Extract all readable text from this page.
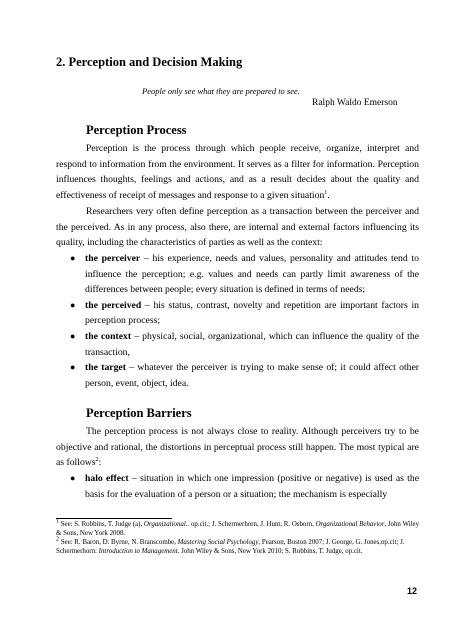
2. Perception and Decision Making
People only see what they are prepared to see.
Ralph Waldo Emerson
Perception Process

Perception is the process through which people receive, organize, interpret and respond to information from the environment. It serves as a filter for information. Perception influences thoughts, feelings and actions, and as a result decides about the quality and effectiveness of receipt of messages and response to a given situation$^1$.

Researchers very often define perception as a transaction between the perceiver and the perceived. As in any process, also there, are internal and external factors influencing its quality, including the characteristics of parties as well as the context:

● the perceiver – his experience, needs and values, personality and attitudes tend to influence the perception; e.g. values and needs can partly limit awareness of the differences between people; every situation is defined in terms of needs;
● the perceived – his status, contrast, novelty and repetition are important factors in perception process;
● the context – physical, social, organizational, which can influence the quality of the transaction,
● the target – whatever the perceiver is trying to make sense of; it could affect other person, event, object, idea.
Perception Barriers

The perception process is not always close to reality. Although perceivers try to be objective and rational, the distortions in perceptual process still happen. The most typical are as follows$^2$:

● halo effect – situation in which one impression (positive or negative) is used as the basis for the evaluation of a person or a situation; the mechanism is especially

$^1$ See: S. Robbins, T. Judge (a), Organizational.. op.cit.; J. Schermerhorn, J. Hunt, R. Osborn, Organizational Behavior, John Wiley & Sons, New York 2008.

$^2$ See: R. Baron, D. Byrne, N. Branscombe, Mastering Social Psychology, Pearson, Boston 2007; J. George, G. Jones,op.cit; J. Schermerhorn: Introduction to Management. John Wiley & Sons, New York 2010; S. Robbins, T. Judge, op.cit.

12
